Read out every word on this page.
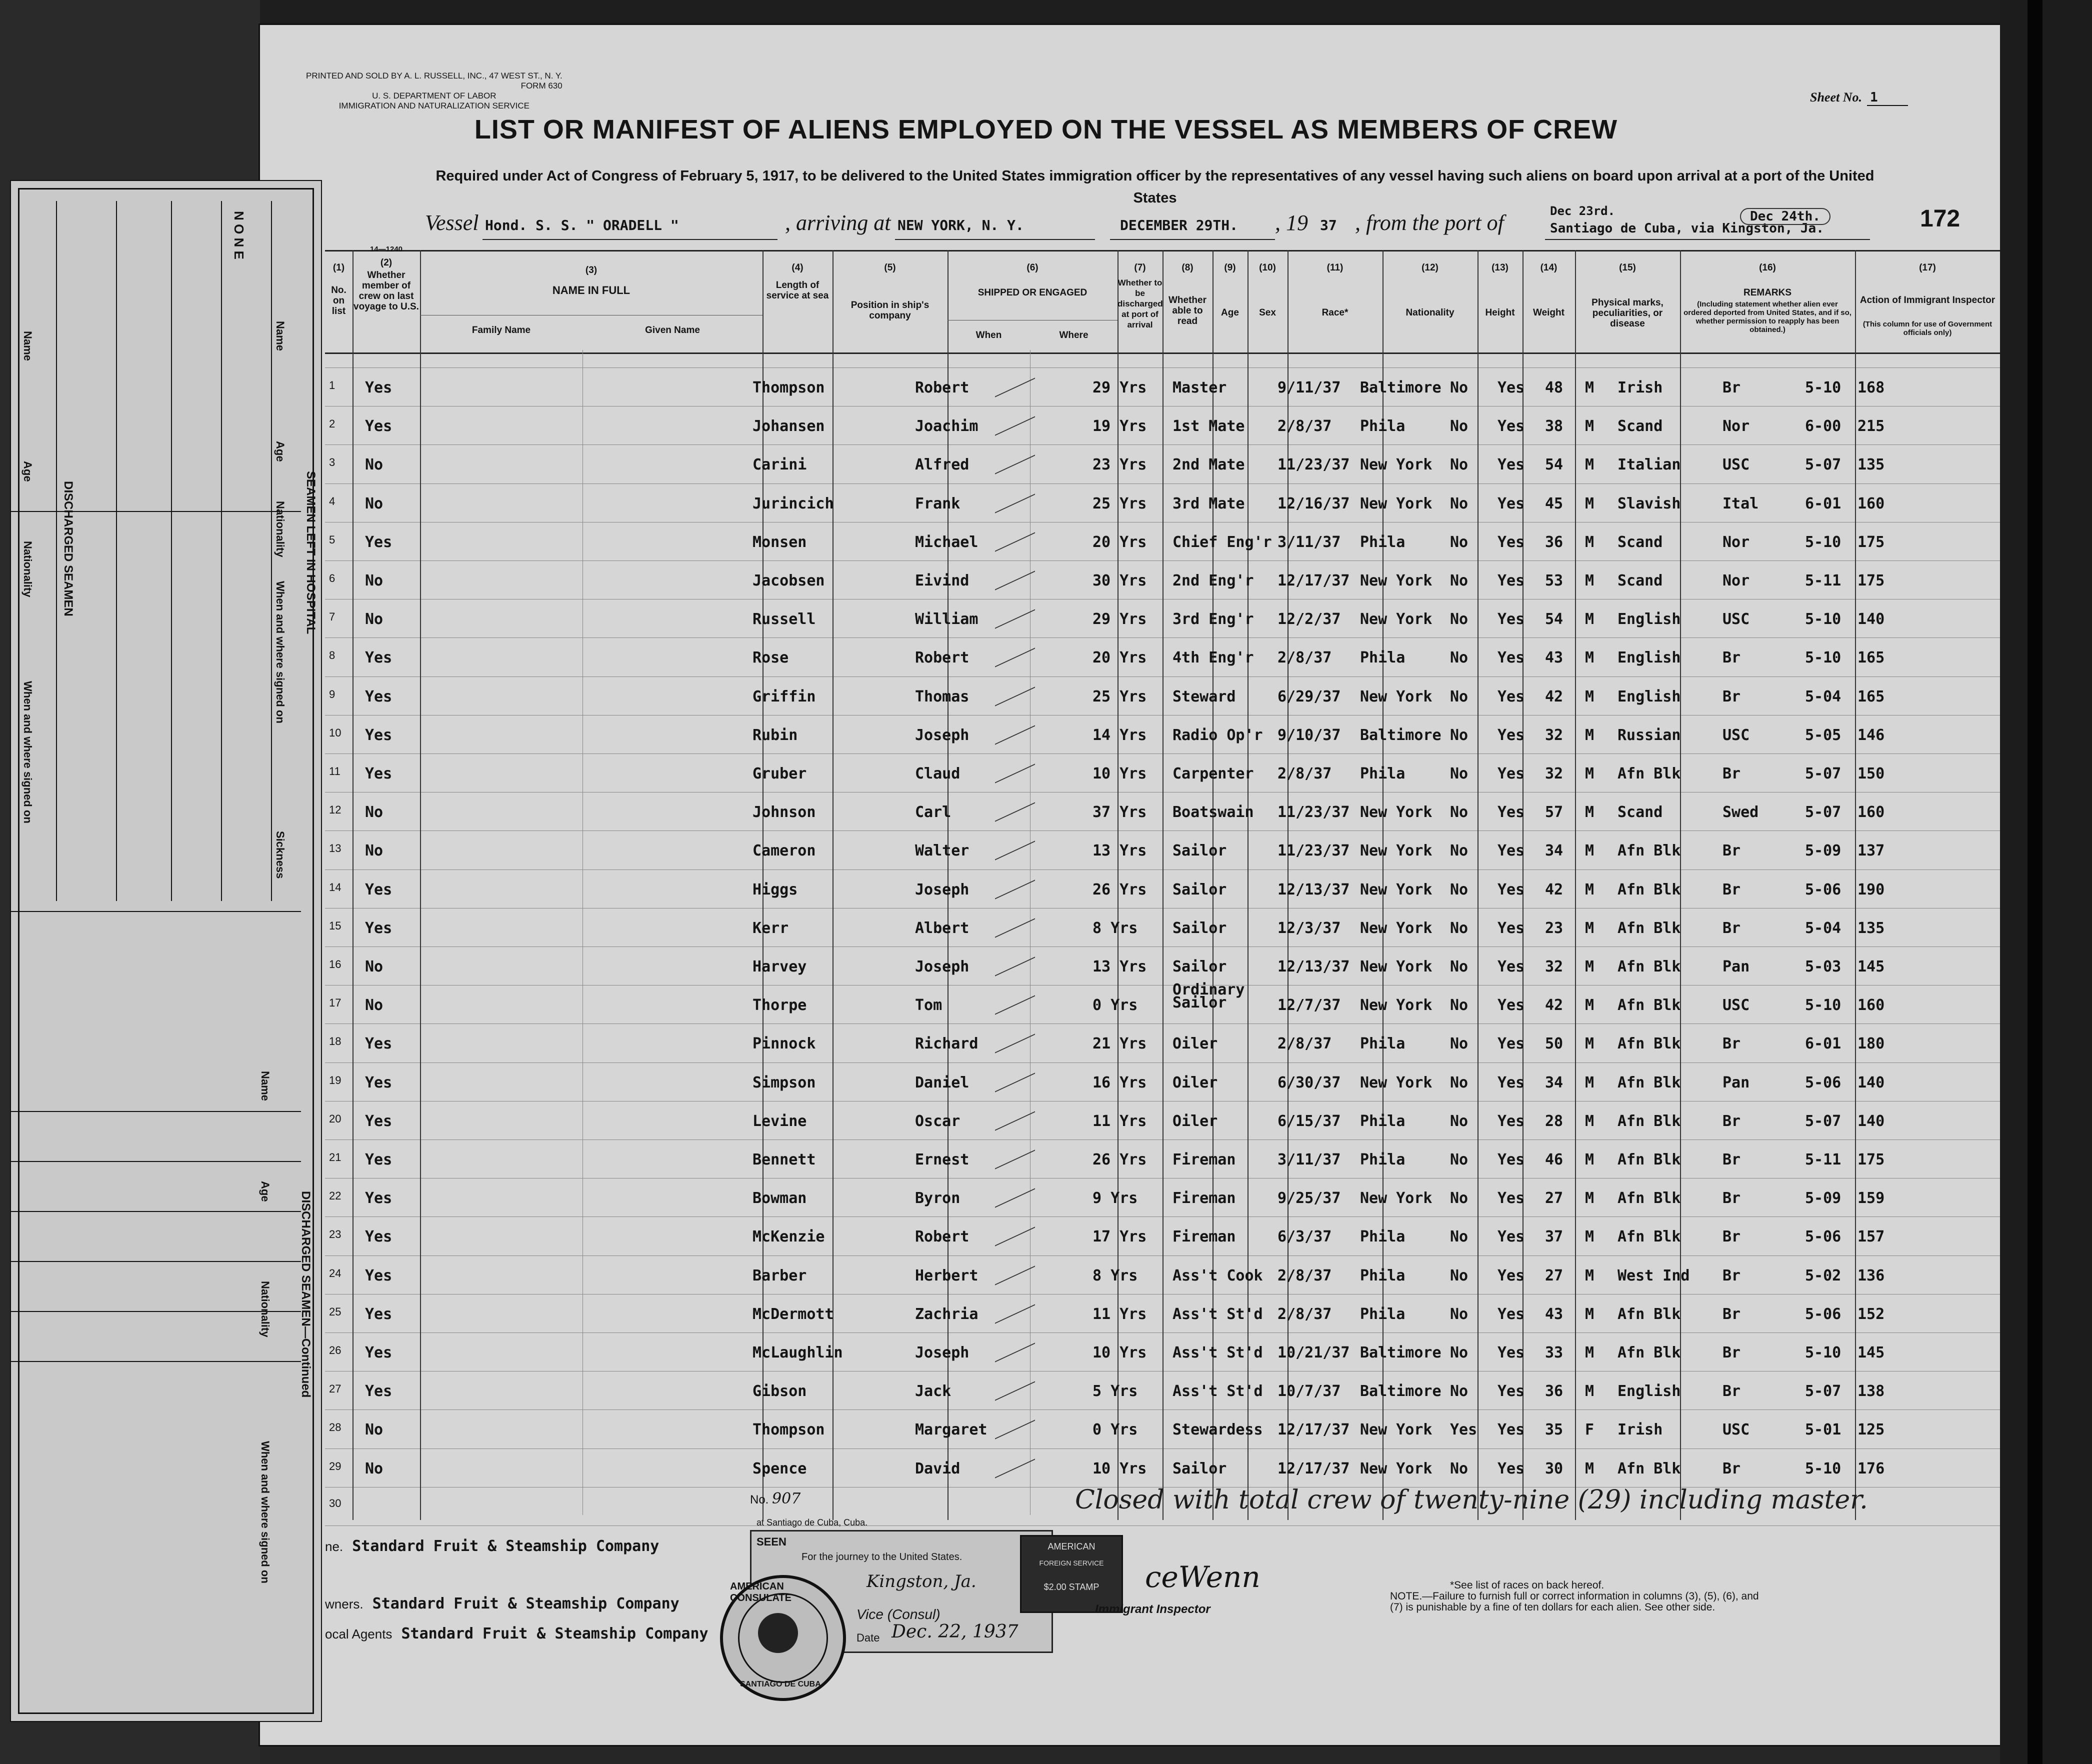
PRINTED AND SOLD BY A. L. RUSSELL, INC., 47 WEST ST., N. Y.
FORM 630
U. S. DEPARTMENT OF LABOR
IMMIGRATION AND NATURALIZATION SERVICE
Sheet No. 1
LIST OR MANIFEST OF ALIENS EMPLOYED ON THE VESSEL AS MEMBERS OF CREW
Required under Act of Congress of February 5, 1917, to be delivered to the United States immigration officer by the representatives of any vessel having such aliens on board upon arrival at a port of the United States
Vessel Hond. S. S. " ORADELL "	, arriving at NEW YORK, N. Y.	DECEMBER 29TH. , 19 37 , from the port of	Dec 23rd.
Santiago de Cuba, via Kingston, Ja.
Dec 24th.	172
N O N E
Name
Age
Nationality
When and where signed on
Sickness
SEAMEN LEFT IN HOSPITAL
DISCHARGED SEAMEN
Name
Age
Nationality
When and where signed on
Name
Age
Nationality
When and where signed on
DISCHARGED SEAMEN—Continued
(1)
No. on list
14—1240
(2)
Whether member of crew on last voyage to U.S.
(3)
NAME IN FULL
Family Name	Given Name
(4)
Length of service at sea
(5)
Position in ship's company
(6)
SHIPPED OR ENGAGED
When	Where
(7)
Whether to be discharged at port of arrival
(8)
Whether able to read
(9)
Age
(10)
Sex
(11)
Race*
(12)
Nationality
(13)
Height
(14)
Weight
(15)
Physical marks, peculiarities, or disease
(16)
REMARKS
(Including statement whether alien ever ordered deported from United States, and if so, whether permission to reapply has been obtained.)
(17)
Action of Immigrant Inspector
(This column for use of Government officials only)
1 Yes	Thompson	Robert	29 Yrs Master	9/11/37 Baltimore No Yes 48 M Irish	Br	5-10 168
2 Yes	Johansen	Joachim	19 Yrs 1st Mate 2/8/37 Phila	No Yes 38 M Scand	Nor	6-00 215
3 No	Carini	Alfred	23 Yrs 2nd Mate 11/23/37 New York No Yes 54 M Italian	USC	5-07 135
4 No	Jurincich	Frank	25 Yrs 3rd Mate 12/16/37 New York No Yes 45 M Slavish	Ital	6-01 160
5 Yes	Monsen	Michael	20 Yrs Chief Eng'r 3/11/37 Phila	No Yes 36 M Scand	Nor	5-10 175
6 No	Jacobsen	Eivind	30 Yrs 2nd Eng'r 12/17/37 New York No Yes 53 M Scand	Nor	5-11 175
7 No	Russell	William	29 Yrs 3rd Eng'r 12/2/37 New York No Yes 54 M English	USC	5-10 140
8 Yes	Rose	Robert	20 Yrs 4th Eng'r 2/8/37 Phila	No Yes 43 M English	Br	5-10 165
9 Yes	Griffin	Thomas	25 Yrs Steward	6/29/37 New York No Yes 42 M English	Br	5-04 165
10 Yes	Rubin	Joseph	14 Yrs Radio Op'r 9/10/37 Baltimore No Yes 32 M Russian	USC	5-05 146
11 Yes	Gruber	Claud	10 Yrs Carpenter 2/8/37 Phila	No Yes 32 M Afn Blk	Br	5-07 150
12 No	Johnson	Carl	37 Yrs Boatswain 11/23/37 New York No Yes 57 M Scand	Swed	5-07 160
13 No	Cameron	Walter	13 Yrs Sailor	11/23/37 New York No Yes 34 M Afn Blk	Br	5-09 137
14 Yes	Higgs	Joseph	26 Yrs Sailor	12/13/37 New York No Yes 42 M Afn Blk	Br	5-06 190
15 Yes	Kerr	Albert	8 Yrs Sailor	12/3/37 New York No Yes 23 M Afn Blk	Br	5-04 135
16 No	Harvey	Joseph	13 Yrs Sailor	12/13/37 New York No Yes 32 M Afn Blk	Pan	5-03 145
17 No	Thorpe	Tom	0 Yrs
Ordinary Sailor	12/7/37 New York No Yes 42 M Afn Blk	USC	5-10 160
18 Yes	Pinnock	Richard	21 Yrs Oiler	2/8/37 Phila	No Yes 50 M Afn Blk	Br	6-01 180
19 Yes	Simpson	Daniel	16 Yrs Oiler	6/30/37 New York No Yes 34 M Afn Blk	Pan	5-06 140
20 Yes	Levine	Oscar	11 Yrs Oiler	6/15/37 Phila	No Yes 28 M Afn Blk	Br	5-07 140
21 Yes	Bennett	Ernest	26 Yrs Fireman	3/11/37 Phila	No Yes 46 M Afn Blk	Br	5-11 175
22 Yes	Bowman	Byron	9 Yrs Fireman	9/25/37 New York No Yes 27 M Afn Blk	Br	5-09 159
23 Yes	McKenzie	Robert	17 Yrs Fireman	6/3/37 Phila	No Yes 37 M Afn Blk	Br	5-06 157
24 Yes	Barber	Herbert	8 Yrs Ass't Cook 2/8/37 Phila	No Yes 27 M West Ind Br	5-02 136
25 Yes	McDermott	Zachria	11 Yrs Ass't St'd 2/8/37 Phila	No Yes 43 M Afn Blk	Br	5-06 152
26 Yes	McLaughlin	Joseph	10 Yrs Ass't St'd 10/21/37 Baltimore No Yes 33 M Afn Blk	Br	5-10 145
27 Yes	Gibson	Jack	5 Yrs Ass't St'd 10/7/37 Baltimore No Yes 36 M English	Br	5-07 138
28 No	Thompson	Margaret	0 Yrs Stewardess 12/17/37 New York Yes Yes 35 F Irish	USC	5-01 125
29 No	Spence	David	10 Yrs Sailor	12/17/37 New York No Yes 30 M Afn Blk	Br	5-10 176
30	Closed with total crew of twenty-nine (29) including master.
No. 907
at Santiago de Cuba, Cuba.
SEEN
For the journey to the United States.
Kingston, Ja.
Vice (Consul)
Date Dec. 22, 1937
AMERICAN CONSULATE
SANTIAGO DE CUBA
AMERICAN
FOREIGN SERVICE
$2.00 STAMP	ceWenn
Immigrant Inspector
*See list of races on back hereof.
NOTE.—Failure to furnish full or correct information in columns (3), (5), (6), and
(7) is punishable by a fine of ten dollars for each alien. See other side.
ne. Standard Fruit & Steamship Company
wners. Standard Fruit & Steamship Company
ocal Agents Standard Fruit & Steamship Company
